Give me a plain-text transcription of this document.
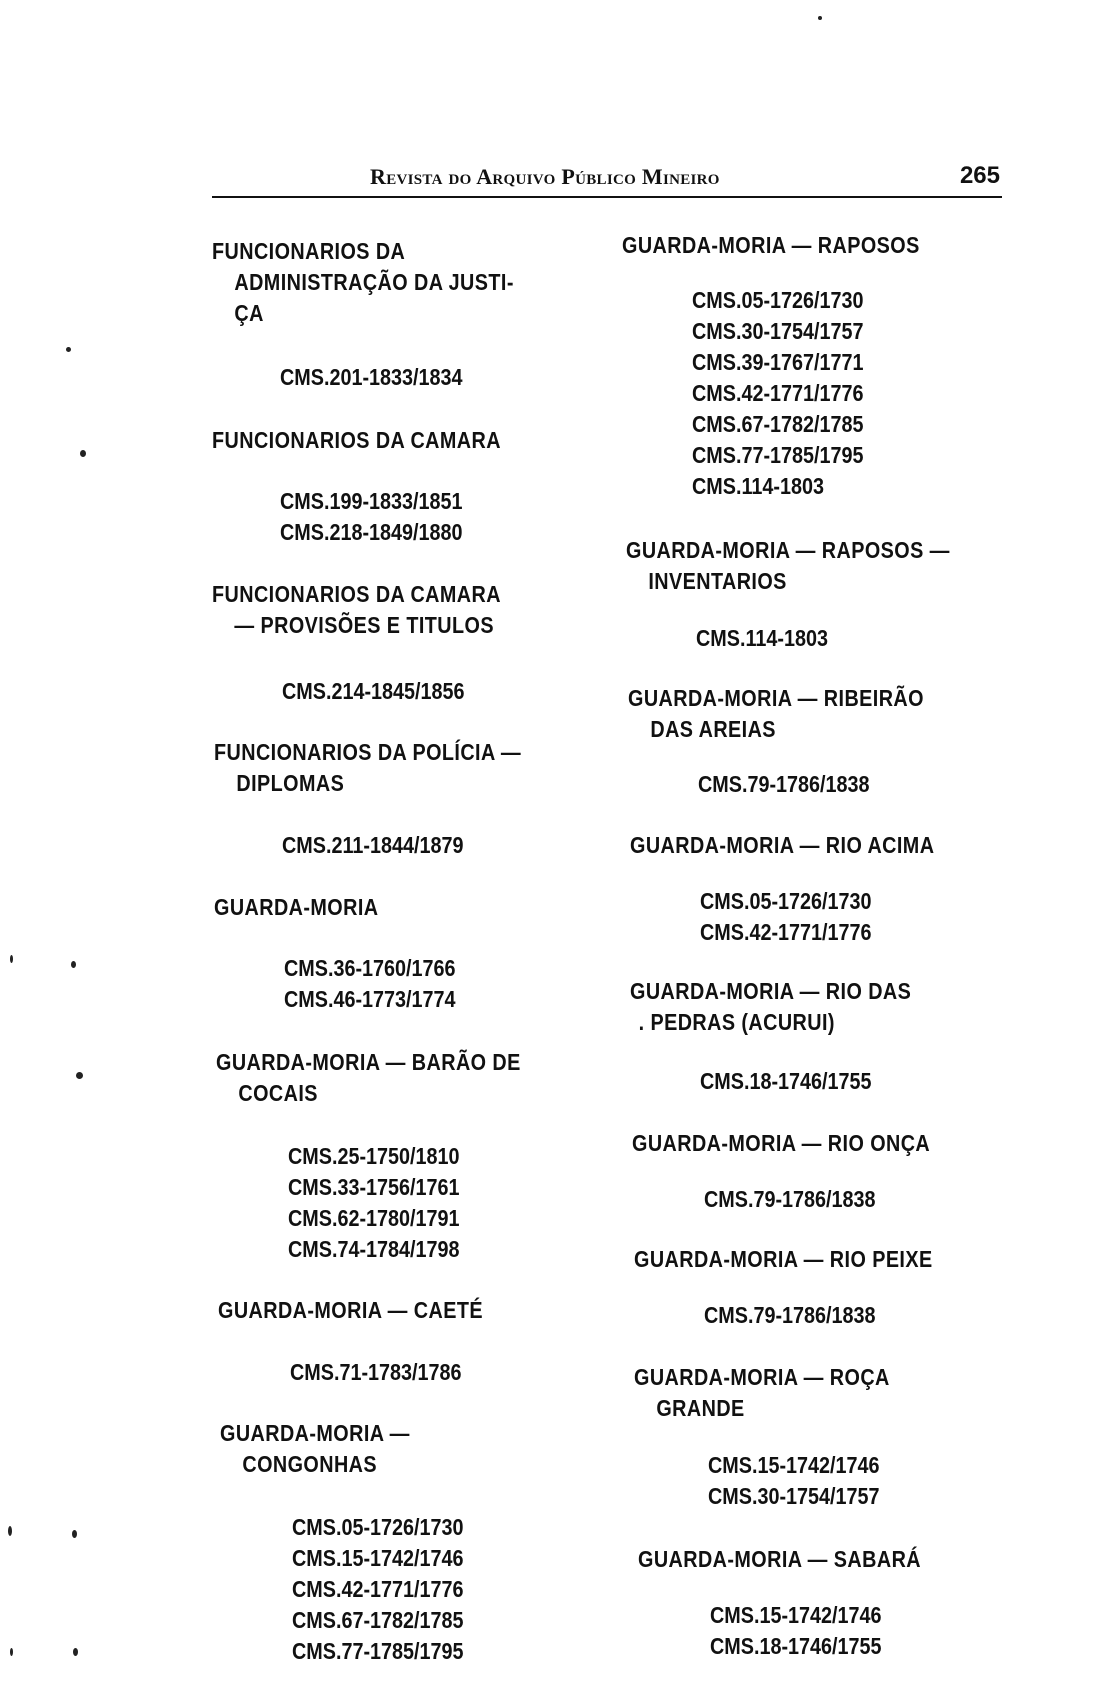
Revista do Arquivo Público Mineiro	265
FUNCIONARIOS DA
ADMINISTRAÇÃO DA JUSTI-
ÇA
CMS.201-1833/1834
FUNCIONARIOS DA CAMARA
CMS.199-1833/1851
CMS.218-1849/1880
FUNCIONARIOS DA CAMARA
— PROVISÕES E TITULOS
CMS.214-1845/1856
FUNCIONARIOS DA POLÍCIA —
DIPLOMAS
CMS.211-1844/1879
GUARDA-MORIA
CMS.36-1760/1766
CMS.46-1773/1774
GUARDA-MORIA — BARÃO DE
COCAIS
CMS.25-1750/1810
CMS.33-1756/1761
CMS.62-1780/1791
CMS.74-1784/1798
GUARDA-MORIA — CAETÉ
CMS.71-1783/1786
GUARDA-MORIA —
CONGONHAS
CMS.05-1726/1730
CMS.15-1742/1746
CMS.42-1771/1776
CMS.67-1782/1785
CMS.77-1785/1795
GUARDA-MORIA — RAPOSOS
CMS.05-1726/1730
CMS.30-1754/1757
CMS.39-1767/1771
CMS.42-1771/1776
CMS.67-1782/1785
CMS.77-1785/1795
CMS.114-1803
GUARDA-MORIA — RAPOSOS —
INVENTARIOS
CMS.114-1803
GUARDA-MORIA — RIBEIRÃO
DAS AREIAS
CMS.79-1786/1838
GUARDA-MORIA — RIO ACIMA
CMS.05-1726/1730
CMS.42-1771/1776
GUARDA-MORIA — RIO DAS
. PEDRAS (ACURUI)
CMS.18-1746/1755
GUARDA-MORIA — RIO ONÇA
CMS.79-1786/1838
GUARDA-MORIA — RIO PEIXE
CMS.79-1786/1838
GUARDA-MORIA — ROÇA
GRANDE
CMS.15-1742/1746
CMS.30-1754/1757
GUARDA-MORIA — SABARÁ
CMS.15-1742/1746
CMS.18-1746/1755
